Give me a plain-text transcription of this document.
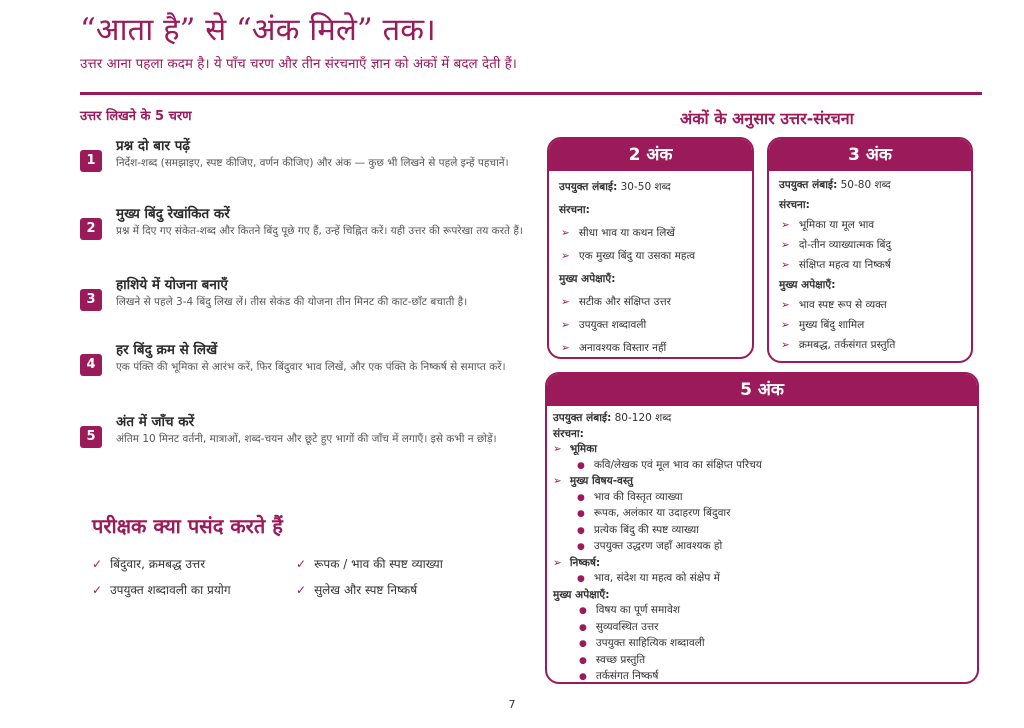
“आता है” से “अंक मिले” तक।
उत्तर आना पहला कदम है। ये पाँच चरण और तीन संरचनाएँ ज्ञान को अंकों में बदल देती हैं।
उत्तर लिखने के 5 चरण
1
प्रश्न दो बार पढ़ें
निर्देश-शब्द (समझाइए, स्पष्ट कीजिए, वर्णन कीजिए) और अंक — कुछ भी लिखने से पहले इन्हें पहचानें।
2
मुख्य बिंदु रेखांकित करें
प्रश्न में दिए गए संकेत-शब्द और कितने बिंदु पूछे गए हैं, उन्हें चिह्नित करें। यही उत्तर की रूपरेखा तय करते हैं।
3
हाशिये में योजना बनाएँ
लिखने से पहले 3-4 बिंदु लिख लें। तीस सेकंड की योजना तीन मिनट की काट-छाँट बचाती है।
4
हर बिंदु क्रम से लिखें
एक पंक्ति की भूमिका से आरंभ करें, फिर बिंदुवार भाव लिखें, और एक पंक्ति के निष्कर्ष से समाप्त करें।
5
अंत में जाँच करें
अंतिम 10 मिनट वर्तनी, मात्राओं, शब्द-चयन और छूटे हुए भागों की जाँच में लगाएँ। इसे कभी न छोड़ें।
परीक्षक क्या पसंद करते हैं
✓ बिंदुवार, क्रमबद्ध उत्तर	✓ रूपक / भाव की स्पष्ट व्याख्या
✓ उपयुक्त शब्दावली का प्रयोग	✓ सुलेख और स्पष्ट निष्कर्ष
अंकों के अनुसार उत्तर-संरचना
2 अंक
उपयुक्त लंबाई: 30-50 शब्द
संरचना:
➢ सीधा भाव या कथन लिखें
➢ एक मुख्य बिंदु या उसका महत्व
मुख्य अपेक्षाएँ:
➢ सटीक और संक्षिप्त उत्तर
➢ उपयुक्त शब्दावली
➢ अनावश्यक विस्तार नहीं
3 अंक
उपयुक्त लंबाई: 50-80 शब्द
संरचना:
➢ भूमिका या मूल भाव
➢ दो-तीन व्याख्यात्मक बिंदु
➢ संक्षिप्त महत्व या निष्कर्ष
मुख्य अपेक्षाएँ:
➢ भाव स्पष्ट रूप से व्यक्त
➢ मुख्य बिंदु शामिल
➢ क्रमबद्ध, तर्कसंगत प्रस्तुति
5 अंक
उपयुक्त लंबाई: 80-120 शब्द
संरचना:
➢ भूमिका
● कवि/लेखक एवं मूल भाव का संक्षिप्त परिचय
➢ मुख्य विषय-वस्तु
● भाव की विस्तृत व्याख्या
● रूपक, अलंकार या उदाहरण बिंदुवार
● प्रत्येक बिंदु की स्पष्ट व्याख्या
● उपयुक्त उद्धरण जहाँ आवश्यक हो
➢ निष्कर्ष:
● भाव, संदेश या महत्व को संक्षेप में
मुख्य अपेक्षाएँ:
● विषय का पूर्ण समावेश
● सुव्यवस्थित उत्तर
● उपयुक्त साहित्यिक शब्दावली
● स्वच्छ प्रस्तुति
● तर्कसंगत निष्कर्ष
7
